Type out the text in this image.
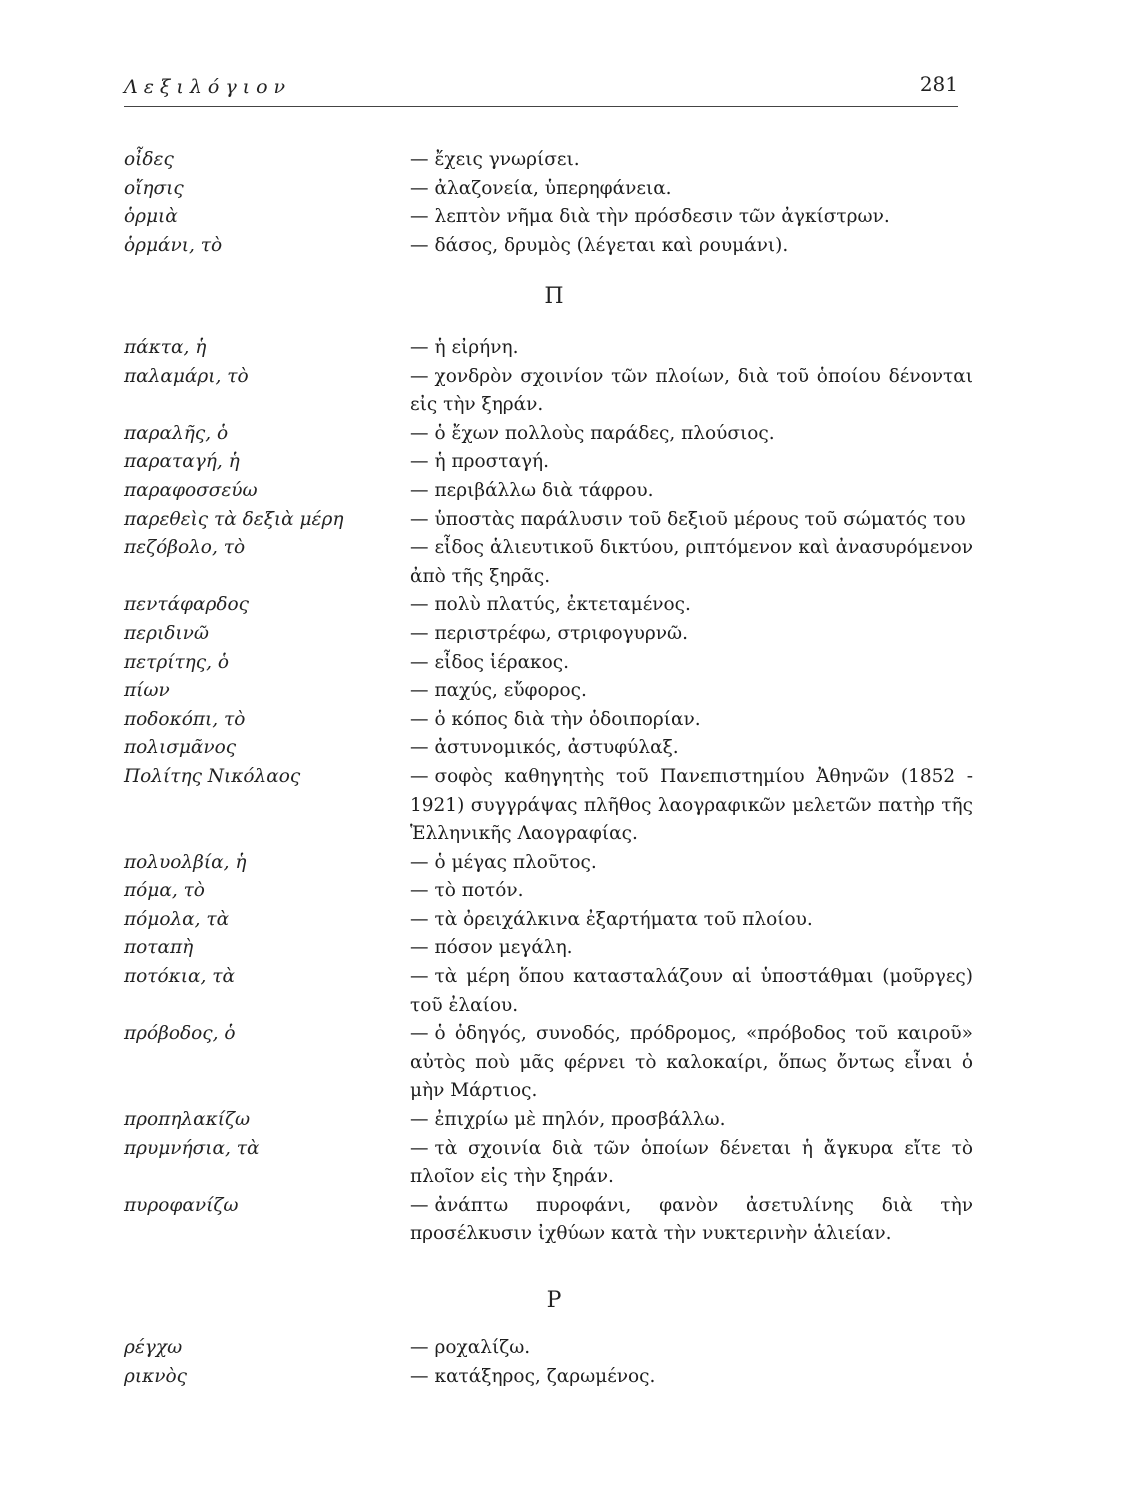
Λεξιλόγιον	281
οἶδες	— ἔχεις γνωρίσει.
οἴησις	— ἀλαζονεία, ὑπερηφάνεια.
ὁρμιὰ	— λεπτὸν νῆμα διὰ τὴν πρόσδεσιν τῶν ἀγκίστρων.
ὁρμάνι, τὸ	— δάσος, δρυμὸς (λέγεται καὶ ρουμάνι).
Π
πάκτα, ἡ	— ἡ εἰρήνη.
παλαμάρι, τὸ	— χονδρὸν σχοινίον τῶν πλοίων, διὰ τοῦ ὁποίου δένονται εἰς τὴν ξηράν.
παραλῆς, ὁ	— ὁ ἔχων πολλοὺς παράδες, πλούσιος.
παραταγή, ἡ	— ἡ προσταγή.
παραφοσσεύω	— περιβάλλω διὰ τάφρου.
παρεθεὶς τὰ δεξιὰ μέρη	— ὑποστὰς παράλυσιν τοῦ δεξιοῦ μέρους τοῦ σώματός του
πεζόβολο, τὸ	— εἶδος ἁλιευτικοῦ δικτύου, ριπτόμενον καὶ ἀνασυρόμενον ἀπὸ τῆς ξηρᾶς.
πεντάφαρδος	— πολὺ πλατύς, ἐκτεταμένος.
περιδινῶ	— περιστρέφω, στριφογυρνῶ.
πετρίτης, ὁ	— εἶδος ἱέρακος.
πίων	— παχύς, εὔφορος.
ποδοκόπι, τὸ	— ὁ κόπος διὰ τὴν ὁδοιπορίαν.
πολισμᾶνος	— ἀστυνομικός, ἀστυφύλαξ.
Πολίτης Νικόλαος	— σοφὸς καθηγητὴς τοῦ Πανεπιστημίου Ἀθηνῶν (1852 - 1921) συγγράψας πλῆθος λαογραφικῶν μελετῶν πατὴρ τῆς Ἑλληνικῆς Λαογραφίας.
πολυολβία, ἡ	— ὁ μέγας πλοῦτος.
πόμα, τὸ	— τὸ ποτόν.
πόμολα, τὰ	— τὰ ὀρειχάλκινα ἐξαρτήματα τοῦ πλοίου.
ποταπὴ	— πόσον μεγάλη.
ποτόκια, τὰ	— τὰ μέρη ὅπου κατασταλάζουν αἱ ὑποστάθμαι (μοῦργες) τοῦ ἐλαίου.
πρόβοδος, ὁ	— ὁ ὁδηγός, συνοδός, πρόδρομος, «πρόβοδος τοῦ καιροῦ» αὐτὸς ποὺ μᾶς φέρνει τὸ καλοκαίρι, ὅπως ὄντως εἶναι ὁ μὴν Μάρτιος.
προπηλακίζω	— ἐπιχρίω μὲ πηλόν, προσβάλλω.
πρυμνήσια, τὰ	— τὰ σχοινία διὰ τῶν ὁποίων δένεται ἡ ἄγκυρα εἴτε τὸ πλοῖον εἰς τὴν ξηράν.
πυροφανίζω	— ἀνάπτω πυροφάνι, φανὸν ἀσετυλίνης διὰ τὴν προσέλκυσιν ἰχθύων κατὰ τὴν νυκτερινὴν ἁλιείαν.
Ρ
ρέγχω	— ροχαλίζω.
ρικνὸς	— κατάξηρος, ζαρωμένος.
